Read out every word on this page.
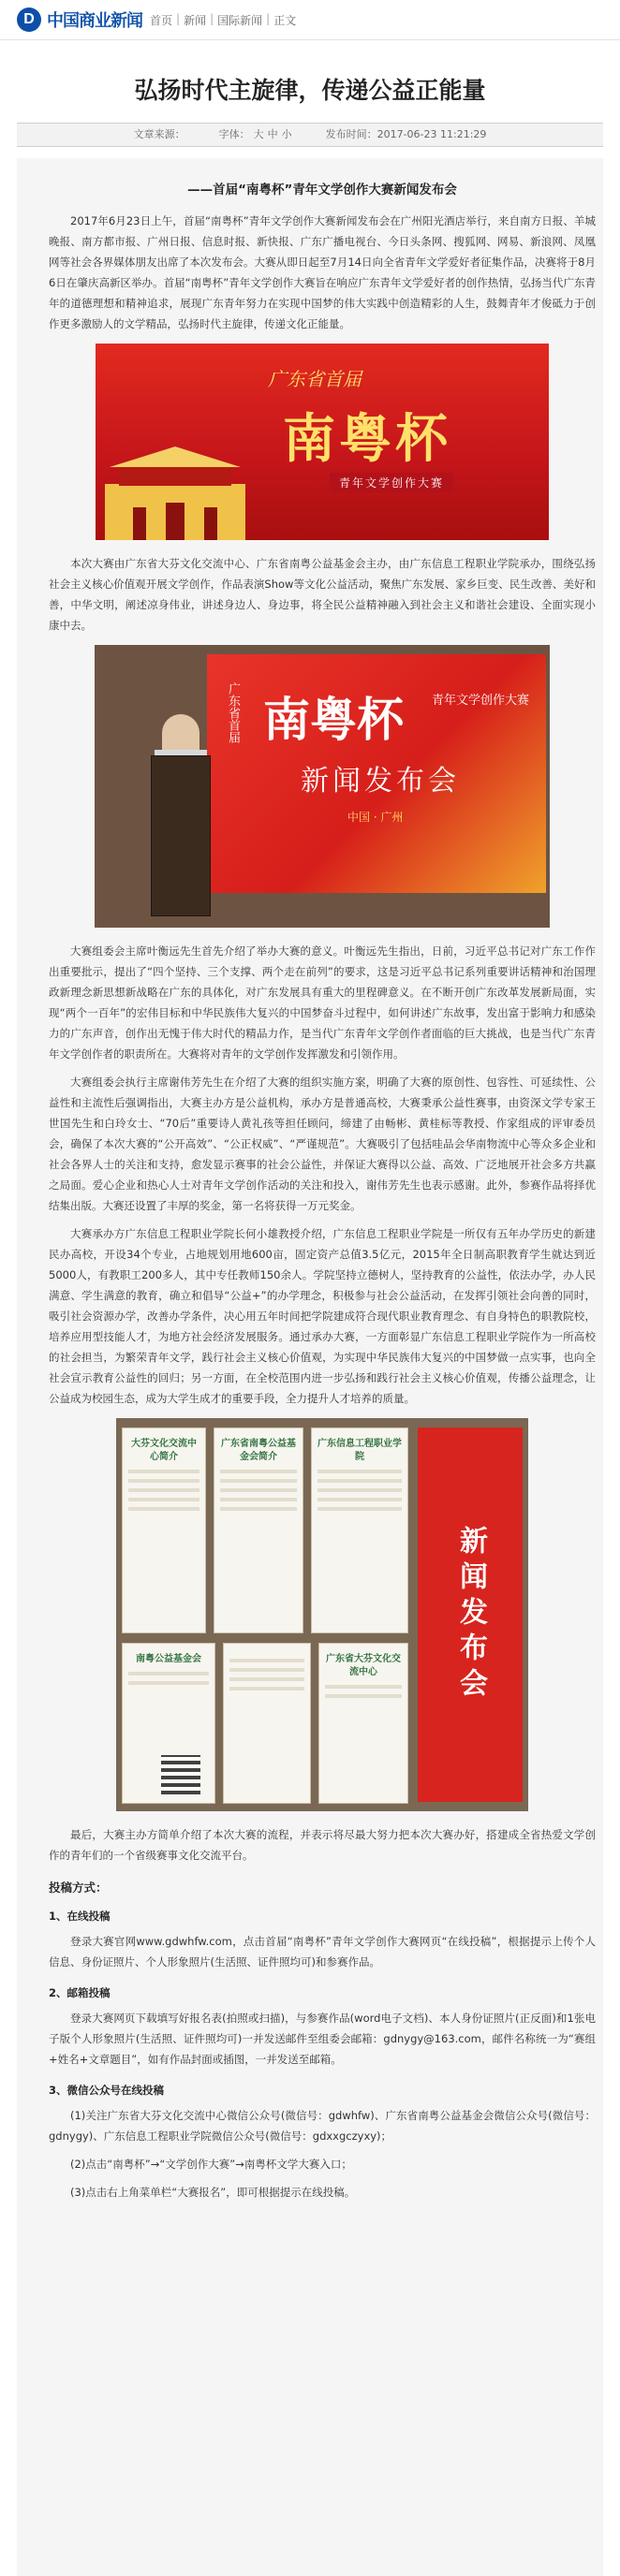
D 中国商业新闻 首页 | 新闻 | 国际新闻 | 正文
弘扬时代主旋律，传递公益正能量
文章来源：	字体： 大 中 小	发布时间：2017-06-23 11:21:29
——首届“南粤杯”青年文学创作大赛新闻发布会

2017年6月23日上午，首届“南粤杯”青年文学创作大赛新闻发布会在广州阳光酒店举行，来自南方日报、羊城晚报、南方都市报、广州日报、信息时报、新快报、广东广播电视台、今日头条网、搜狐网、网易、新浪网、凤凰网等社会各界媒体朋友出席了本次发布会。大赛从即日起至7月14日向全省青年文学爱好者征集作品，决赛将于8月6日在肇庆高新区举办。首届“南粤杯”青年文学创作大赛旨在响应广东青年文学爱好者的创作热情，弘扬当代广东青年的道德理想和精神追求，展现广东青年努力在实现中国梦的伟大实践中创造精彩的人生，鼓舞青年才俊砥力于创作更多激励人的文学精品，弘扬时代主旋律，传递文化正能量。

广东省首届
南粤杯
青年文学创作大赛

本次大赛由广东省大芬文化交流中心、广东省南粤公益基金会主办，由广东信息工程职业学院承办，围绕弘扬社会主义核心价值观开展文学创作，作品表演Show等文化公益活动，聚焦广东发展、家乡巨变、民生改善、美好和善，中华文明，阐述凉身伟业，讲述身边人、身边事，将全民公益精神融入到社会主义和谐社会建设、全面实现小康中去。

广东省首届 南粤杯 青年文学创作大赛
新闻发布会
中国 · 广州

大赛组委会主席叶衡远先生首先介绍了举办大赛的意义。叶衡远先生指出，日前，习近平总书记对广东工作作出重要批示，提出了“四个坚持、三个支撑、两个走在前列”的要求，这是习近平总书记系列重要讲话精神和治国理政新理念新思想新战略在广东的具体化，对广东发展具有重大的里程碑意义。在不断开创广东改革发展新局面，实现“两个一百年”的宏伟目标和中华民族伟大复兴的中国梦奋斗过程中，如何讲述广东故事，发出富于影响力和感染力的广东声音，创作出无愧于伟大时代的精品力作，是当代广东青年文学创作者面临的巨大挑战，也是当代广东青年文学创作者的职责所在。大赛将对青年的文学创作发挥激发和引领作用。

大赛组委会执行主席谢伟芳先生在介绍了大赛的组织实施方案，明确了大赛的原创性、包容性、可延续性、公益性和主流性后强调指出，大赛主办方是公益机构，承办方是普通高校，大赛秉承公益性赛事，由资深文学专家王世国先生和白玲女士、“70后”重要诗人黄礼孩等担任顾问，缔建了由畅彬、黄桂标等教授、作家组成的评审委员会，确保了本次大赛的“公开高效”、“公正权威”、“严谨规范”。大赛吸引了包括哇品会华南物流中心等众多企业和社会各界人士的关注和支持，愈发显示赛事的社会公益性，并保证大赛得以公益、高效、广泛地展开社会多方共赢之局面。爱心企业和热心人士对青年文学创作活动的关注和投入，谢伟芳先生也表示感谢。此外，参赛作品将择优结集出版。大赛还设置了丰厚的奖金，第一名将获得一万元奖金。

大赛承办方广东信息工程职业学院长何小雄教授介绍，广东信息工程职业学院是一所仅有五年办学历史的新建民办高校，开设34个专业，占地规划用地600亩，固定资产总值3.5亿元，2015年全日制高职教育学生就达到近5000人，有教职工200多人，其中专任教师150余人。学院坚持立德树人，坚持教育的公益性，依法办学，办人民满意、学生满意的教育，确立和倡导“公益+”的办学理念，积极参与社会公益活动，在发挥引领社会向善的同时，吸引社会资源办学，改善办学条件，决心用五年时间把学院建成符合现代职业教育理念、有自身特色的职教院校，培养应用型技能人才，为地方社会经济发展服务。通过承办大赛，一方面彰显广东信息工程职业学院作为一所高校的社会担当，为繁荣青年文学，践行社会主义核心价值观，为实现中华民族伟大复兴的中国梦做一点实事，也向全社会宣示教育公益性的回归；另一方面，在全校范围内进一步弘扬和践行社会主义核心价值观，传播公益理念，让公益成为校园生态，成为大学生成才的重要手段，全力提升人才培养的质量。

大芬文化交流中心简介
广东省南粤公益基金会简介
广东信息工程职业学院
新闻发布会
南粤公益基金会	广东省大芬文化交流中心

最后，大赛主办方简单介绍了本次大赛的流程，并表示将尽最大努力把本次大赛办好，搭建成全省热爱文学创作的青年们的一个省级赛事文化交流平台。

投稿方式：
1、在线投稿

登录大赛官网www.gdwhfw.com，点击首届“南粤杯”青年文学创作大赛网页“在线投稿”，根据提示上传个人信息、身份证照片、个人形象照片(生活照、证件照均可)和参赛作品。

2、邮箱投稿

登录大赛网页下载填写好报名表(拍照或扫描)，与参赛作品(word电子文档)、本人身份证照片(正反面)和1张电子版个人形象照片(生活照、证件照均可)一并发送邮件至组委会邮箱：gdnygy@163.com，邮件名称统一为“赛组+姓名+文章题目”，如有作品封面或插图，一并发送至邮箱。

3、微信公众号在线投稿

(1)关注广东省大芬文化交流中心微信公众号(微信号：gdwhfw)、广东省南粤公益基金会微信公众号(微信号：gdnygy)、广东信息工程职业学院微信公众号(微信号：gdxxgczyxy)；

(2)点击“南粤杯”→“文学创作大赛”→南粤杯文学大赛入口；

(3)点击右上角菜单栏“大赛报名”，即可根据提示在线投稿。
